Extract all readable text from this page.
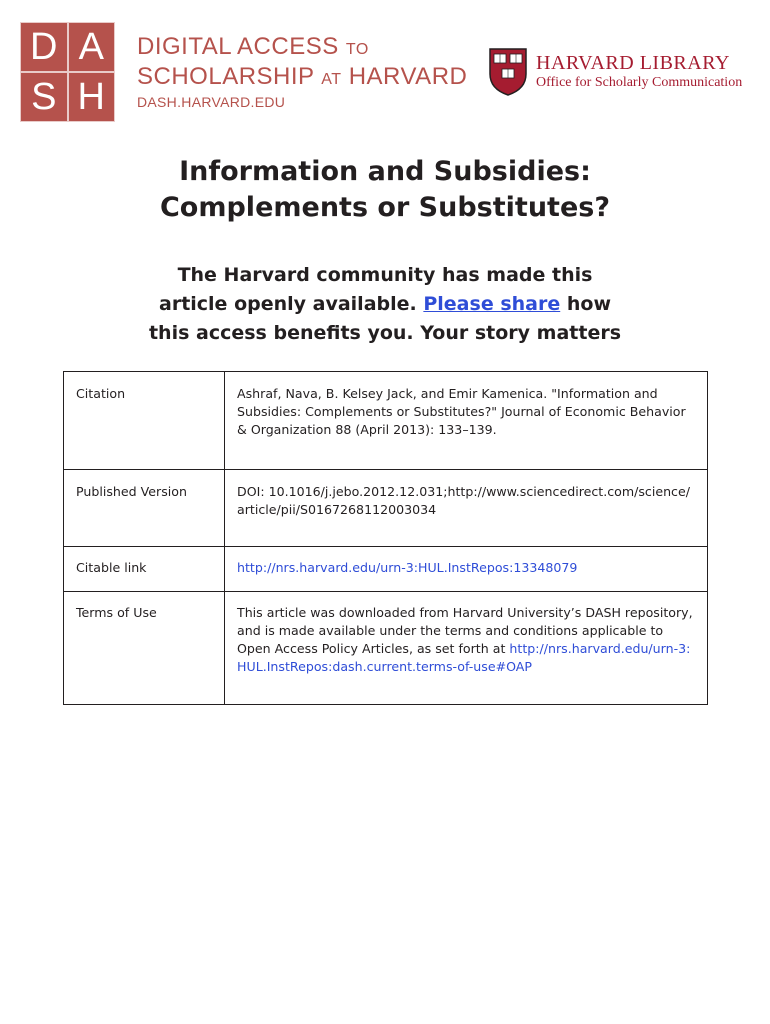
D A
S H
DIGITAL ACCESS TO
SCHOLARSHIP AT HARVARD
DASH.HARVARD.EDU
HARVARD LIBRARY
Office for Scholarly Communication
Information and Subsidies:
Complements or Substitutes?
The Harvard community has made this
article openly available. Please share how
this access benefits you. Your story matters
Citation	Ashraf, Nava, B. Kelsey Jack, and Emir Kamenica. "Information and Subsidies: Complements or Substitutes?" Journal of Economic Behavior & Organization 88 (April 2013): 133–139.
Published Version	DOI: 10.1016/j.jebo.2012.12.031;http://www.sciencedirect.com/science/article/pii/S0167268112003034
Citable link	http://nrs.harvard.edu/urn-3:HUL.InstRepos:13348079
Terms of Use	This article was downloaded from Harvard University’s DASH repository, and is made available under the terms and conditions applicable to Open Access Policy Articles, as set forth at http://nrs.harvard.edu/urn-3:HUL.InstRepos:dash.current.terms-of-use#OAP
